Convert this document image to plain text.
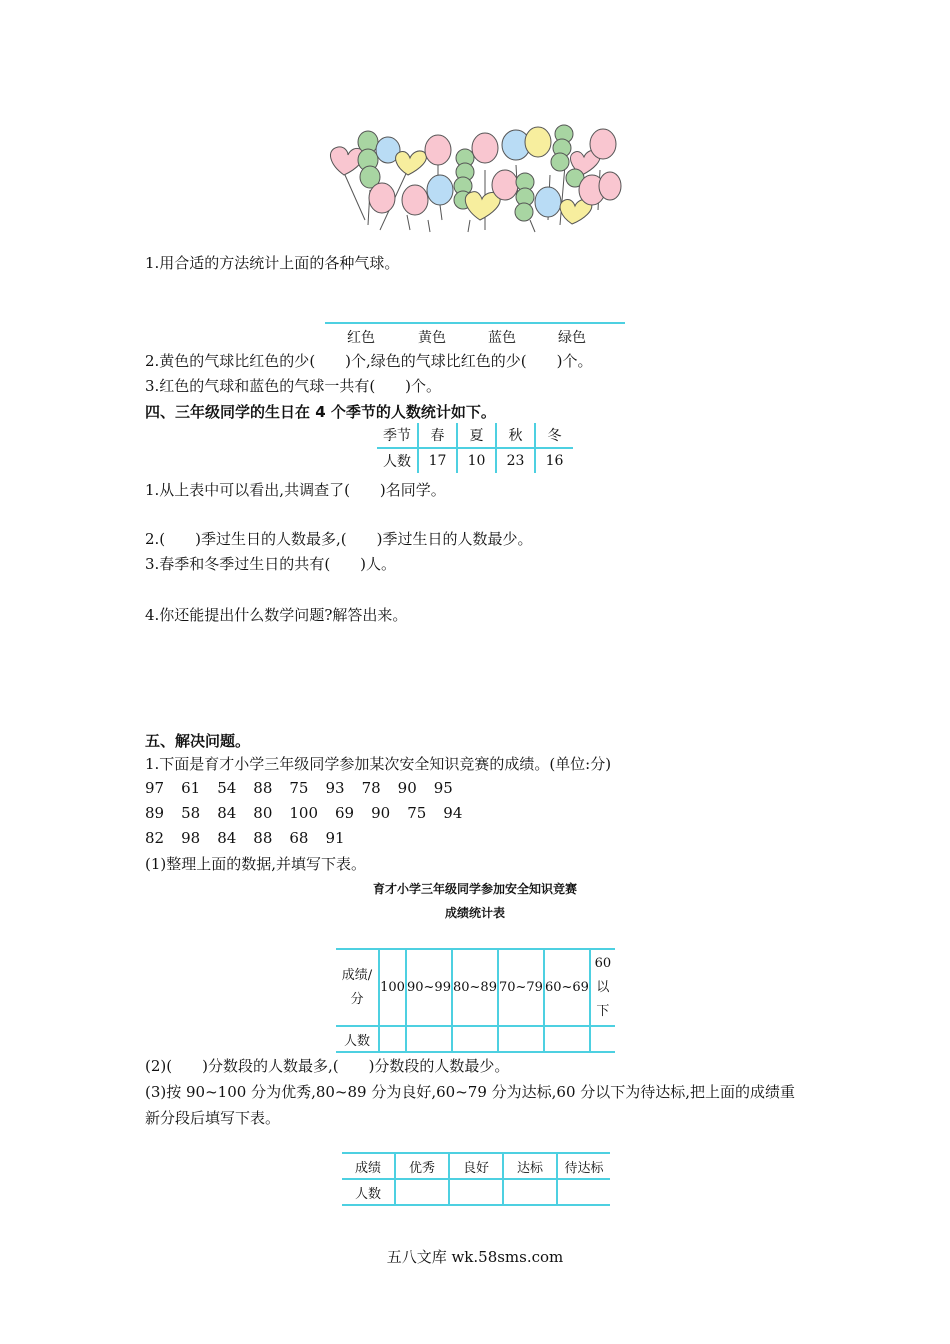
1.用合适的方法统计上面的各种气球。
红色	黄色	蓝色	绿色
2.黄色的气球比红色的少(　　)个,绿色的气球比红色的少(　　)个。
3.红色的气球和蓝色的气球一共有(　　)个。
四、三年级同学的生日在 4 个季节的人数统计如下。
季节	春	夏	秋	冬
人数	17	10	23	16
1.从上表中可以看出,共调查了(　　)名同学。
2.(　　)季过生日的人数最多,(　　)季过生日的人数最少。
3.春季和冬季过生日的共有(　　)人。
4.你还能提出什么数学问题?解答出来。
五、解决问题。
1.下面是育才小学三年级同学参加某次安全知识竞赛的成绩。(单位:分)
97 61 54 88 75 93 78 90 95
89 58 84 80 100 69 90 75 94
82 98 84 88 68 91
(1)整理上面的数据,并填写下表。
育才小学三年级同学参加安全知识竞赛
成绩统计表
成绩/分	100	90~99	80~89	70~79	60~69	60以下
人数						
(2)(　　)分数段的人数最多,(　　)分数段的人数最少。
(3)按 90~100 分为优秀,80~89 分为良好,60~79 分为达标,60 分以下为待达标,把上面的成绩重
新分段后填写下表。
成绩	优秀	良好	达标	待达标
人数				
五八文库 wk.58sms.com
